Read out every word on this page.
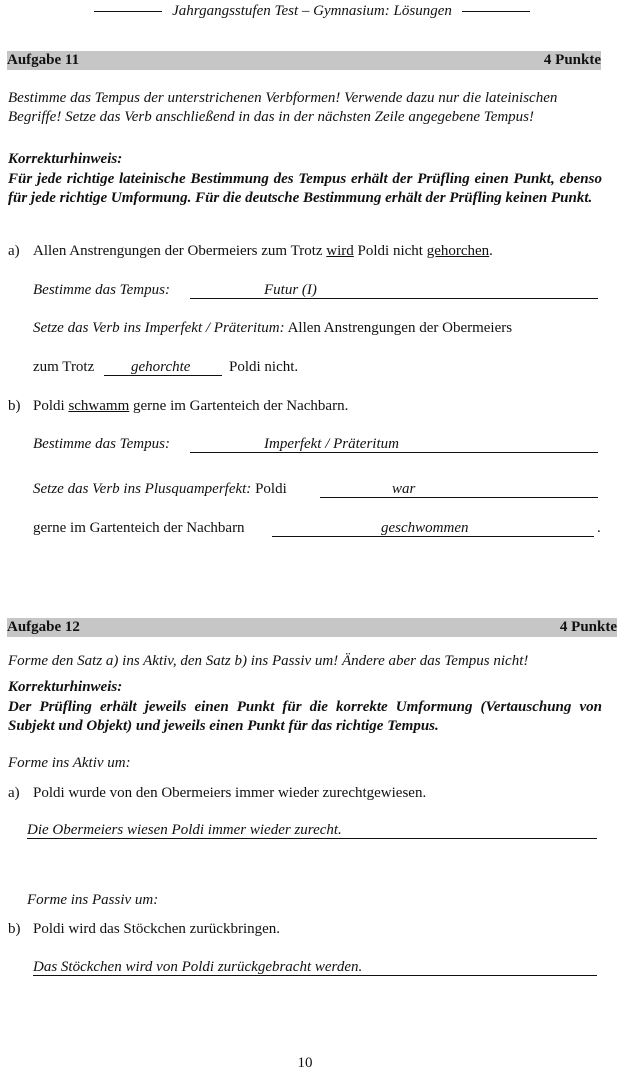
Jahrgangsstufen Test – Gymnasium: Lösungen
Aufgabe 11	4 Punkte
Bestimme das Tempus der unterstrichenen Verbformen! Verwende dazu nur die lateinischen Begriffe! Setze das Verb anschließend in das in der nächsten Zeile angegebene Tempus!
Korrekturhinweis:
Für jede richtige lateinische Bestimmung des Tempus erhält der Prüfling einen Punkt, ebenso für jede richtige Umformung. Für die deutsche Bestimmung erhält der Prüfling keinen Punkt.
a) Allen Anstrengungen der Obermeiers zum Trotz wird Poldi nicht gehorchen.
Bestimme das Tempus:	Futur (I)
Setze das Verb ins Imperfekt / Präteritum: Allen Anstrengungen der Obermeiers
zum Trotz gehorchte	Poldi nicht.
b) Poldi schwamm gerne im Gartenteich der Nachbarn.
Bestimme das Tempus:	Imperfekt / Präteritum
Setze das Verb ins Plusquamperfekt: Poldi	war
gerne im Gartenteich der Nachbarn	geschwommen	.
Aufgabe 12	4 Punkte
Forme den Satz a) ins Aktiv, den Satz b) ins Passiv um! Ändere aber das Tempus nicht!
Korrekturhinweis:
Der Prüfling erhält jeweils einen Punkt für die korrekte Umformung (Vertauschung von Subjekt und Objekt) und jeweils einen Punkt für das richtige Tempus.
Forme ins Aktiv um:
a) Poldi wurde von den Obermeiers immer wieder zurechtgewiesen.
Die Obermeiers wiesen Poldi immer wieder zurecht.
Forme ins Passiv um:
b) Poldi wird das Stöckchen zurückbringen.
Das Stöckchen wird von Poldi zurückgebracht werden.
10
